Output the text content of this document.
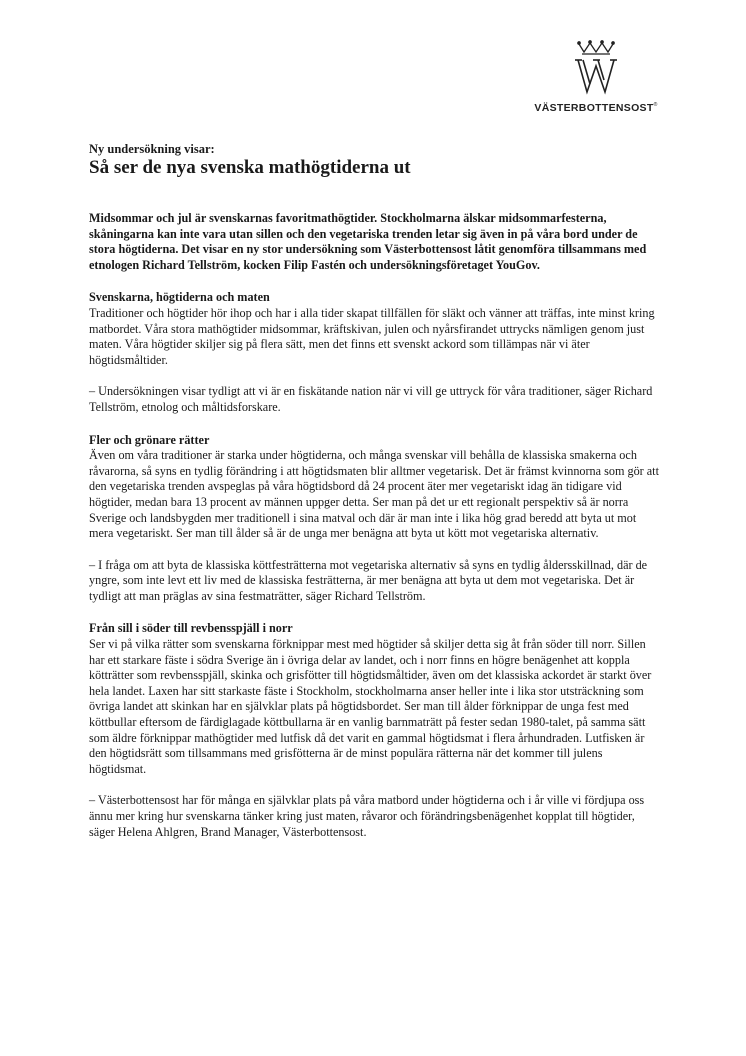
VÄSTERBOTTENSOST®

Ny undersökning visar:

Så ser de nya svenska mathögtiderna ut

Midsommar och jul är svenskarnas favoritmathögtider. Stockholmarna älskar midsommarfesterna, skåningarna kan inte vara utan sillen och den vegetariska trenden letar sig även in på våra bord under de stora högtiderna. Det visar en ny stor undersökning som Västerbottensost låtit genomföra tillsammans med etnologen Richard Tellström, kocken Filip Fastén och undersökningsföretaget YouGov.

Svenskarna, högtiderna och maten

Traditioner och högtider hör ihop och har i alla tider skapat tillfällen för släkt och vänner att träffas, inte minst kring matbordet. Våra stora mathögtider midsommar, kräftskivan, julen och nyårsfirandet uttrycks nämligen genom just maten. Våra högtider skiljer sig på flera sätt, men det finns ett svenskt ackord som tillämpas när vi äter högtidsmåltider.

– Undersökningen visar tydligt att vi är en fiskätande nation när vi vill ge uttryck för våra traditioner, säger Richard Tellström, etnolog och måltidsforskare.

Fler och grönare rätter

Även om våra traditioner är starka under högtiderna, och många svenskar vill behålla de klassiska smakerna och råvarorna, så syns en tydlig förändring i att högtidsmaten blir alltmer vegetarisk. Det är främst kvinnorna som gör att den vegetariska trenden avspeglas på våra högtidsbord då 24 procent äter mer vegetariskt idag än tidigare vid högtider, medan bara 13 procent av männen uppger detta. Ser man på det ur ett regionalt perspektiv så är norra Sverige och landsbygden mer traditionell i sina matval och där är man inte i lika hög grad beredd att byta ut mot mera vegetariskt. Ser man till ålder så är de unga mer benägna att byta ut kött mot vegetariska alternativ.

– I fråga om att byta de klassiska köttfesträtterna mot vegetariska alternativ så syns en tydlig åldersskillnad, där de yngre, som inte levt ett liv med de klassiska festrätterna, är mer benägna att byta ut dem mot vegetariska. Det är tydligt att man präglas av sina festmaträtter, säger Richard Tellström.

Från sill i söder till revbensspjäll i norr

Ser vi på vilka rätter som svenskarna förknippar mest med högtider så skiljer detta sig åt från söder till norr. Sillen har ett starkare fäste i södra Sverige än i övriga delar av landet, och i norr finns en högre benägenhet att koppla kötträtter som revbensspjäll, skinka och grisfötter till högtidsmåltider, även om det klassiska ackordet är starkt över hela landet. Laxen har sitt starkaste fäste i Stockholm, stockholmarna anser heller inte i lika stor utsträckning som övriga landet att skinkan har en självklar plats på högtidsbordet. Ser man till ålder förknippar de unga fest med köttbullar eftersom de färdiglagade köttbullarna är en vanlig barnmaträtt på fester sedan 1980-talet, på samma sätt som äldre förknippar mathögtider med lutfisk då det varit en gammal högtidsmat i flera århundraden. Lutfisken är den högtidsrätt som tillsammans med grisfötterna är de minst populära rätterna när det kommer till julens högtidsmat.

– Västerbottensost har för många en självklar plats på våra matbord under högtiderna och i år ville vi fördjupa oss ännu mer kring hur svenskarna tänker kring just maten, råvaror och förändringsbenägenhet kopplat till högtider, säger Helena Ahlgren, Brand Manager, Västerbottensost.
